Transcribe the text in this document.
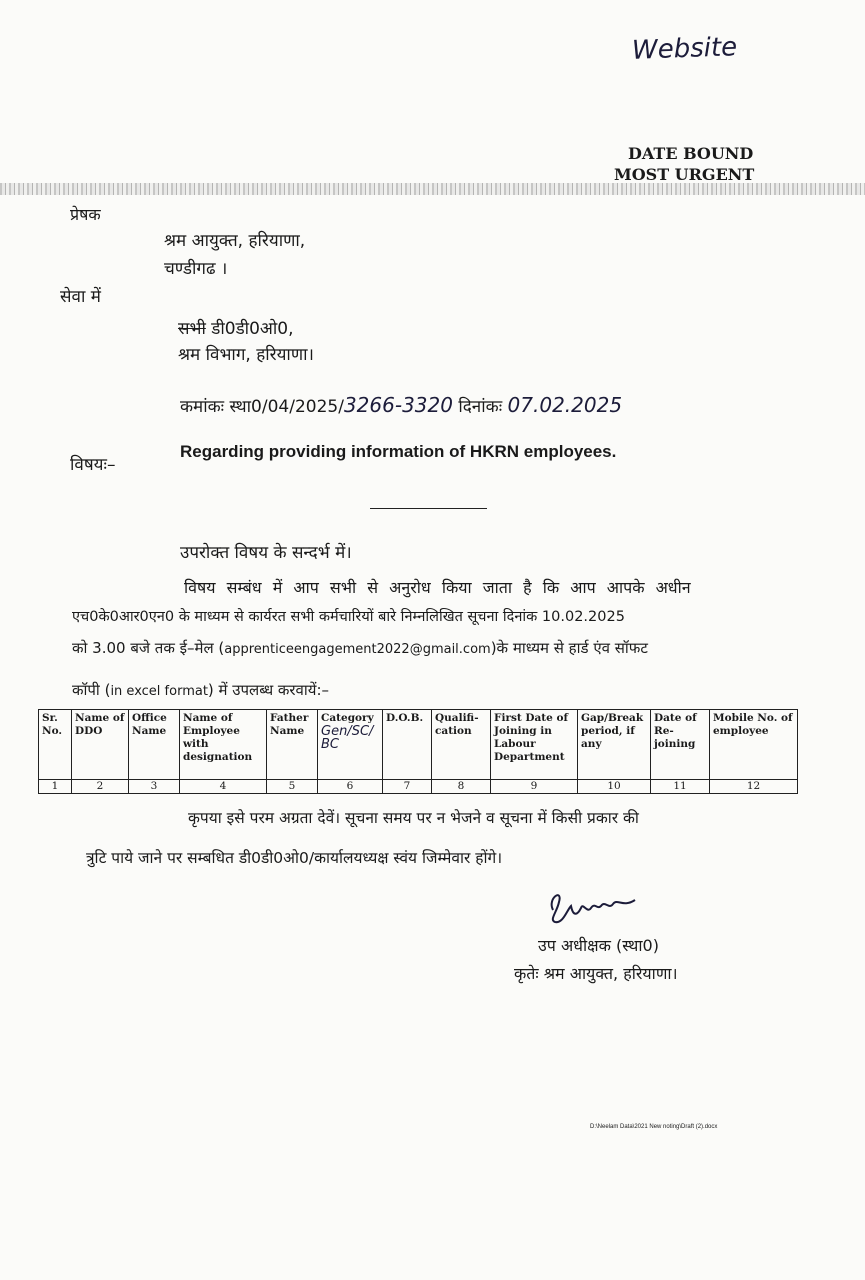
Website
DATE BOUND
MOST URGENT
प्रेषक
श्रम आयुक्त, हरियाणा,
चण्डीगढ ।
सेवा में
सभी डी0डी0ओ0,
श्रम विभाग, हरियाणा।
कमांकः स्था0/04/2025/3266-3320 दिनांकः 07.02.2025
विषयः–
Regarding providing information of HKRN employees.
उपरोक्त विषय के सन्दर्भ में।
विषय सम्बंध में आप सभी से अनुरोध किया जाता है कि आप आपके अधीन
एच0के0आर0एन0 के माध्यम से कार्यरत सभी कर्मचारियों बारे निम्नलिखित सूचना दिनांक 10.02.2025
को 3.00 बजे तक ई–मेल (apprenticeengagement2022@gmail.com)के माध्यम से हार्ड एंव सॉफट
कॉपी (in excel format) में उपलब्ध करवायें:–
Sr. No.	Name of DDO	Office Name	Name of Employee with designation	Father Name	Category
Gen/SC/
BC	D.O.B.	Qualifi-cation	First Date of Joining in Labour Department	Gap/Break period, if any	Date of Re-joining	Mobile No. of employee
1	2	3	4	5	6	7	8	9	10	11	12
कृपया इसे परम अग्रता देवें। सूचना समय पर न भेजने व सूचना में किसी प्रकार की
त्रुटि पाये जाने पर सम्बधित डी0डी0ओ0/कार्यालयध्यक्ष स्वंय जिम्मेवार होंगे।
उप अधीक्षक (स्था0)
कृतेः श्रम आयुक्त, हरियाणा।
D:\Neelam Data\2021 New noting\Draft (2).docx
